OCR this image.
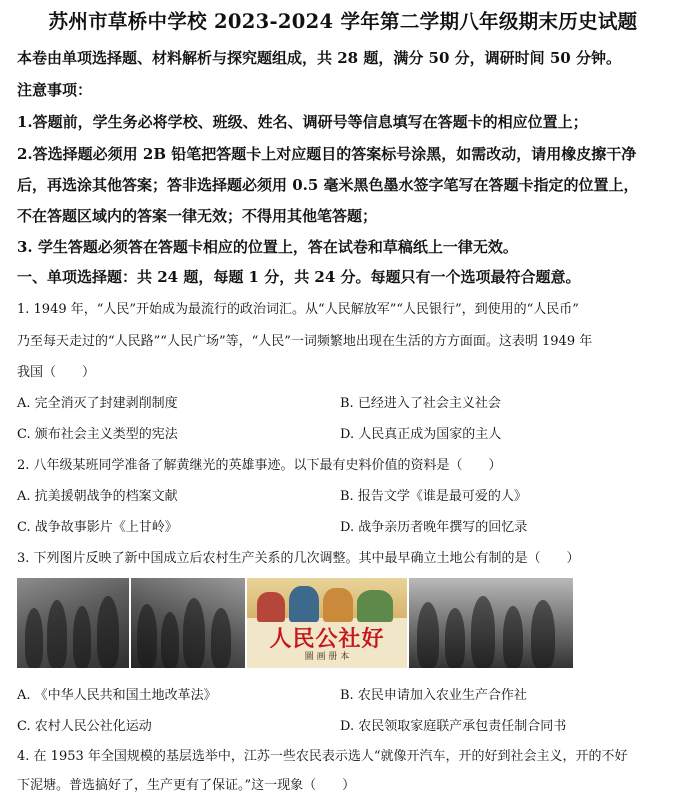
苏州市草桥中学校 2023-2024 学年第二学期八年级期末历史试题
本卷由单项选择题、材料解析与探究题组成，共 28 题，满分 50 分，调研时间 50 分钟。
注意事项：
1.答题前，学生务必将学校、班级、姓名、调研号等信息填写在答题卡的相应位置上；
2.答选择题必须用 2B 铅笔把答题卡上对应题目的答案标号涂黑，如需改动，请用橡皮擦干净
后，再选涂其他答案；答非选择题必须用 0.5 毫米黑色墨水签字笔写在答题卡指定的位置上，
不在答题区域内的答案一律无效；不得用其他笔答题；
3. 学生答题必须答在答题卡相应的位置上，答在试卷和草稿纸上一律无效。
一、单项选择题：共 24 题，每题 1 分，共 24 分。每题只有一个选项最符合题意。
1. 1949 年，“人民”开始成为最流行的政治词汇。从“人民解放军”“人民银行”，到使用的“人民币”
乃至每天走过的“人民路”“人民广场”等，“人民”一词频繁地出现在生活的方方面面。这表明 1949 年
我国（　　）
A. 完全消灭了封建剥削制度	B. 已经进入了社会主义社会
C. 颁布社会主义类型的宪法	D. 人民真正成为国家的主人
2. 八年级某班同学准备了解黄继光的英雄事迹。以下最有史料价值的资料是（　　）
A. 抗美援朝战争的档案文献	B. 报告文学《谁是最可爱的人》
C. 战争故事影片《上甘岭》	D. 战争亲历者晚年撰写的回忆录
3. 下列图片反映了新中国成立后农村生产关系的几次调整。其中最早确立土地公有制的是（　　）
人民公社好
圖 画 册 本
A. 《中华人民共和国土地改革法》	B. 农民申请加入农业生产合作社
C. 农村人民公社化运动	D. 农民领取家庭联产承包责任制合同书
4. 在 1953 年全国规模的基层选举中，江苏一些农民表示选人“就像开汽车，开的好到社会主义，开的不好
下泥塘。普选搞好了，生产更有了保证。”这一现象（　　）
